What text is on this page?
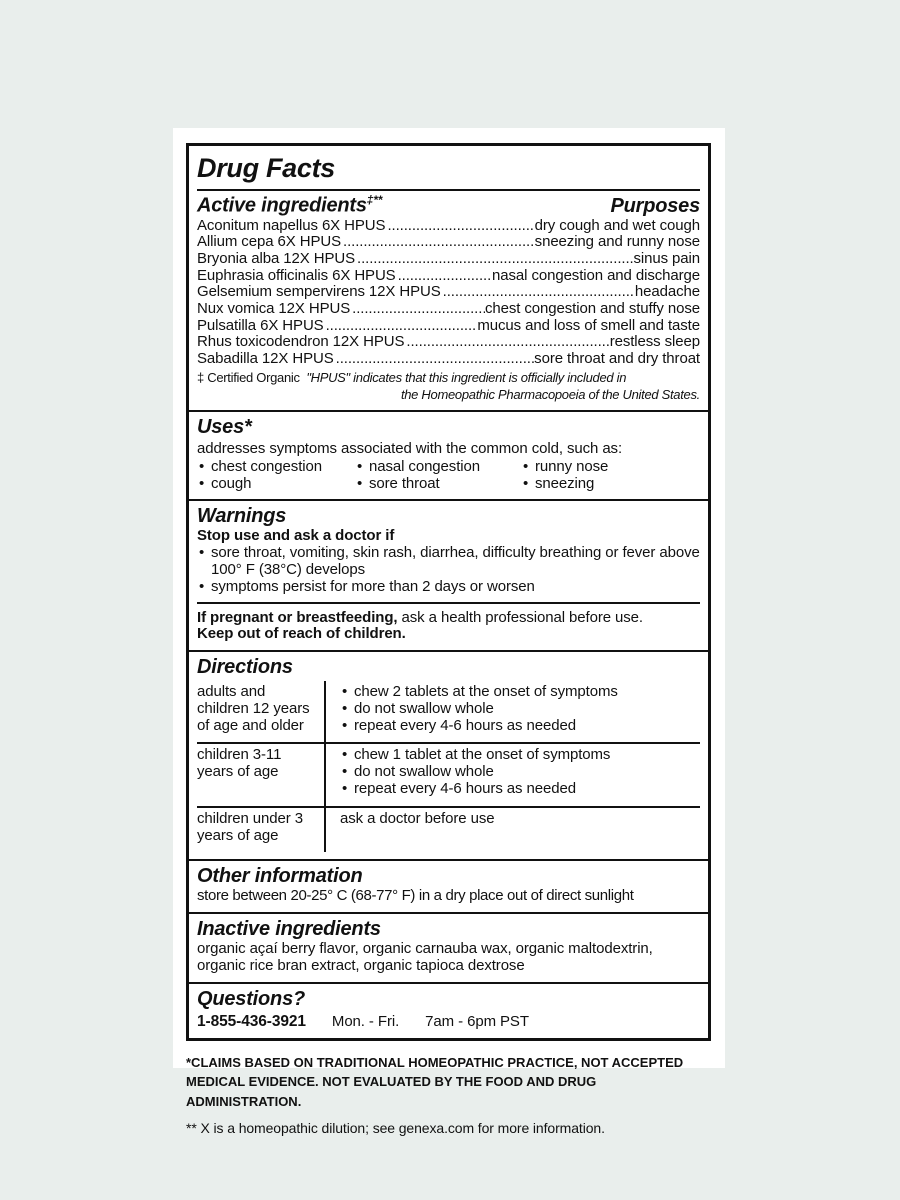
Drug Facts
Active ingredients‡**	Purposes
Aconitum napellus 6X HPUS .....	dry cough and wet cough
Allium cepa 6X HPUS .....	sneezing and runny nose
Bryonia alba 12X HPUS .....	sinus pain
Euphrasia officinalis 6X HPUS .....	nasal congestion and discharge
Gelsemium sempervirens 12X HPUS .....	headache
Nux vomica 12X HPUS .....	chest congestion and stuffy nose
Pulsatilla 6X HPUS .....	mucus and loss of smell and taste
Rhus toxicodendron 12X HPUS .....	restless sleep
Sabadilla 12X HPUS .....	sore throat and dry throat
‡ Certified Organic "HPUS" indicates that this ingredient is officially included in
the Homeopathic Pharmacopoeia of the United States.
Uses*
addresses symptoms associated with the common cold, such as:
• chest congestion
• cough
• nasal congestion
• sore throat
• runny nose
• sneezing
Warnings
Stop use and ask a doctor if
• sore throat, vomiting, skin rash, diarrhea, difficulty breathing or fever above 100° F (38°C) develops
• symptoms persist for more than 2 days or worsen
If pregnant or breastfeeding, ask a health professional before use.
Keep out of reach of children.
Directions
adults and children 12 years of age and older
• chew 2 tablets at the onset of symptoms
• do not swallow whole
• repeat every 4-6 hours as needed
children 3-11 years of age
• chew 1 tablet at the onset of symptoms
• do not swallow whole
• repeat every 4-6 hours as needed
children under 3 years of age
ask a doctor before use
Other information
store between 20-25° C (68-77° F) in a dry place out of direct sunlight
Inactive ingredients
organic açaí berry flavor, organic carnauba wax, organic maltodextrin, organic rice bran extract, organic tapioca dextrose
Questions?
1-855-436-3921 Mon. - Fri. 7am - 6pm PST
*CLAIMS BASED ON TRADITIONAL HOMEOPATHIC PRACTICE, NOT ACCEPTED MEDICAL EVIDENCE. NOT EVALUATED BY THE FOOD AND DRUG ADMINISTRATION.
** X is a homeopathic dilution; see genexa.com for more information.
